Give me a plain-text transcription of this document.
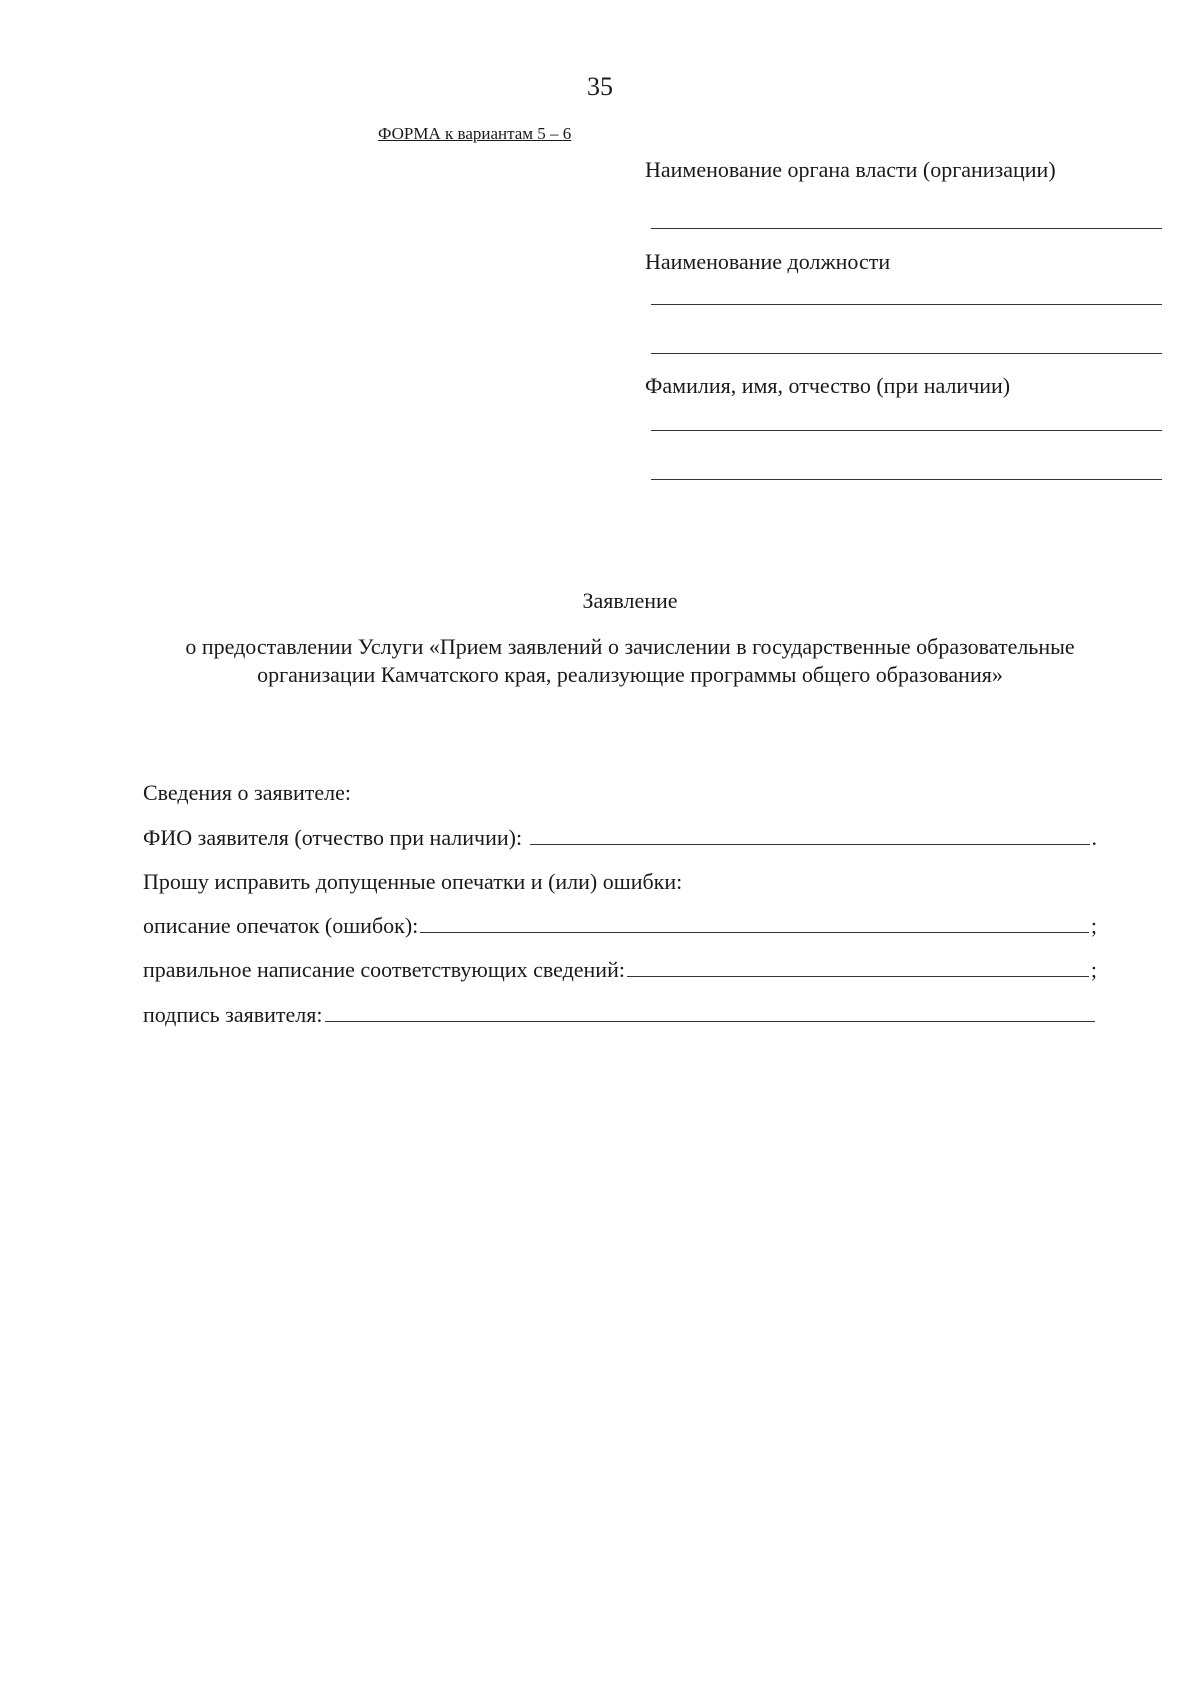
35
ФОРМА к вариантам 5 – 6
Наименование органа власти (организации)
Наименование должности
Фамилия, имя, отчество (при наличии)
Заявление
о предоставлении Услуги «Прием заявлений о зачислении в государственные образовательные организации Камчатского края, реализующие программы общего образования»
Сведения о заявителе:
ФИО заявителя (отчество при наличии):	.
Прошу исправить допущенные опечатки и (или) ошибки:
описание опечаток (ошибок):	;
правильное написание соответствующих сведений:	;
подпись заявителя:
